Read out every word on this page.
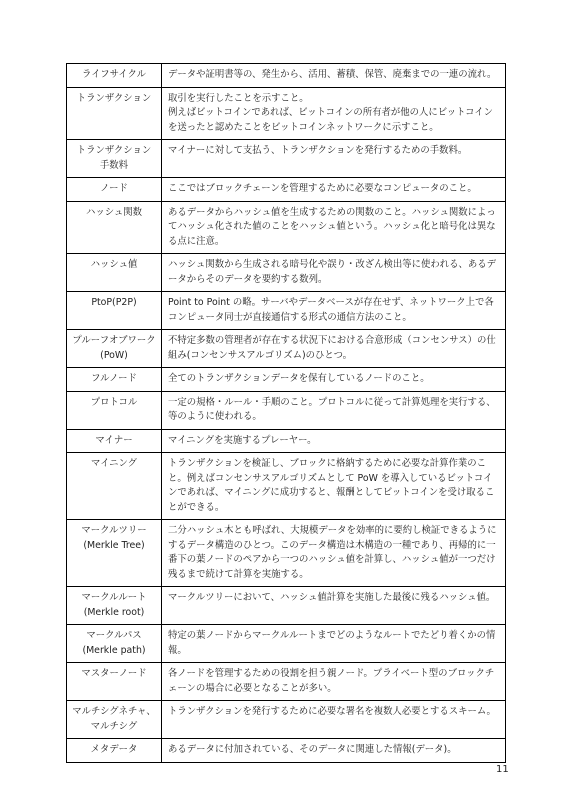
ライフサイクル	データや証明書等の、発生から、活用、蓄積、保管、廃棄までの一連の流れ。
トランザクション	取引を実行したことを示すこと。
例えばビットコインであれば、ビットコインの所有者が他の人にビットコインを送ったと認めたことをビットコインネットワークに示すこと。
トランザクション
手数料	マイナーに対して支払う、トランザクションを発行するための手数料。
ノード	ここではブロックチェーンを管理するために必要なコンピュータのこと。
ハッシュ関数	あるデータからハッシュ値を生成するための関数のこと。ハッシュ関数によってハッシュ化された値のことをハッシュ値という。ハッシュ化と暗号化は異なる点に注意。
ハッシュ値	ハッシュ関数から生成される暗号化や誤り・改ざん検出等に使われる、あるデータからそのデータを要約する数列。
PtoP(P2P)	Point to Point の略。サーバやデータベースが存在せず、ネットワーク上で各コンピュータ同士が直接通信する形式の通信方法のこと。
プルーフオブワーク(PoW)	不特定多数の管理者が存在する状況下における合意形成（コンセンサス）の仕組み(コンセンサスアルゴリズム)のひとつ。
フルノード	全てのトランザクションデータを保有しているノードのこと。
プロトコル	一定の規格・ルール・手順のこと。プロトコルに従って計算処理を実行する、等のように使われる。
マイナー	マイニングを実施するプレーヤー。
マイニング	トランザクションを検証し、ブロックに格納するために必要な計算作業のこと。例えばコンセンサスアルゴリズムとして PoW を導入しているビットコインであれば、マイニングに成功すると、報酬としてビットコインを受け取ることができる。
マークルツリー
(Merkle Tree)	二分ハッシュ木とも呼ばれ、大規模データを効率的に要約し検証できるようにするデータ構造のひとつ。このデータ構造は木構造の一種であり、再帰的に一番下の葉ノードのペアから一つのハッシュ値を計算し、ハッシュ値が一つだけ残るまで続けて計算を実施する。
マークルルート
(Merkle root)	マークルツリーにおいて、ハッシュ値計算を実施した最後に残るハッシュ値。
マークルパス
(Merkle path)	特定の葉ノードからマークルルートまでどのようなルートでたどり着くかの情報。
マスターノード	各ノードを管理するための役割を担う親ノード。プライベート型のブロックチェーンの場合に必要となることが多い。
マルチシグネチャ、マルチシグ	トランザクションを発行するために必要な署名を複数人必要とするスキーム。
メタデータ	あるデータに付加されている、そのデータに関連した情報(データ)。
11
